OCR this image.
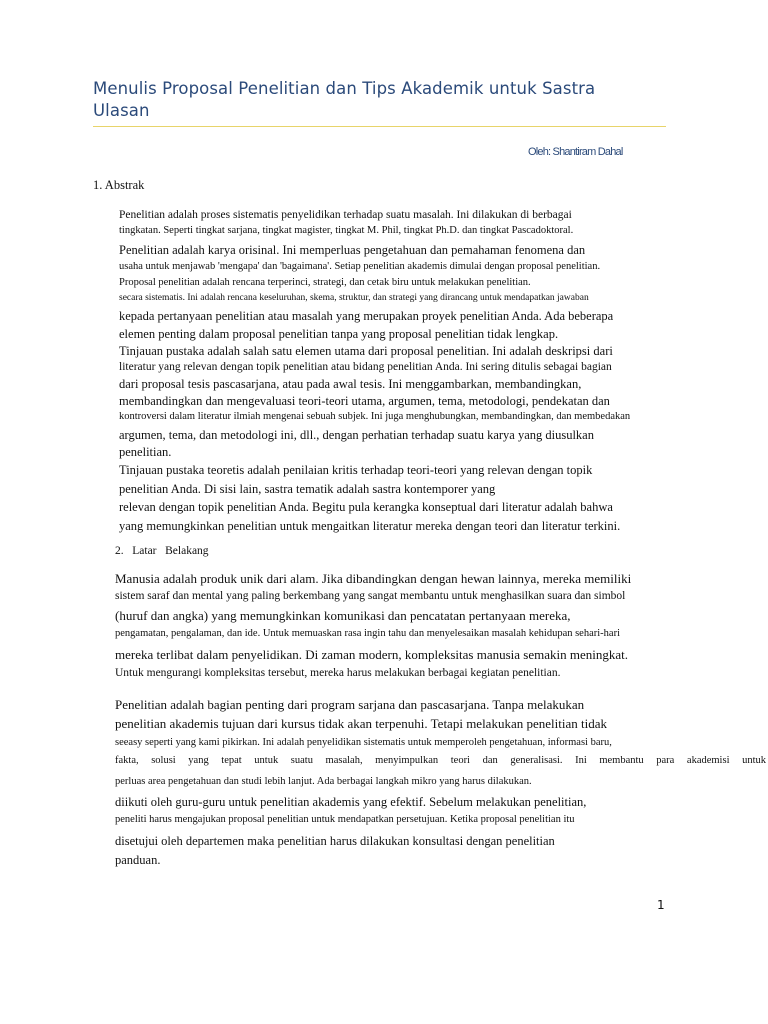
Menulis Proposal Penelitian dan Tips Akademik untuk Sastra Ulasan
Oleh: Shantiram Dahal
1. Abstrak
Penelitian adalah proses sistematis penyelidikan terhadap suatu masalah. Ini dilakukan di berbagai
tingkatan. Seperti tingkat sarjana, tingkat magister, tingkat M. Phil, tingkat Ph.D. dan tingkat Pascadoktoral.
Penelitian adalah karya orisinal. Ini memperluas pengetahuan dan pemahaman fenomena dan
usaha untuk menjawab 'mengapa' dan 'bagaimana'. Setiap penelitian akademis dimulai dengan proposal penelitian.
Proposal penelitian adalah rencana terperinci, strategi, dan cetak biru untuk melakukan penelitian.
secara sistematis. Ini adalah rencana keseluruhan, skema, struktur, dan strategi yang dirancang untuk mendapatkan jawaban
kepada pertanyaan penelitian atau masalah yang merupakan proyek penelitian Anda. Ada beberapa
elemen penting dalam proposal penelitian tanpa yang proposal penelitian tidak lengkap.
Tinjauan pustaka adalah salah satu elemen utama dari proposal penelitian. Ini adalah deskripsi dari
literatur yang relevan dengan topik penelitian atau bidang penelitian Anda. Ini sering ditulis sebagai bagian
dari proposal tesis pascasarjana, atau pada awal tesis. Ini menggambarkan, membandingkan,
membandingkan dan mengevaluasi teori-teori utama, argumen, tema, metodologi, pendekatan dan
kontroversi dalam literatur ilmiah mengenai sebuah subjek. Ini juga menghubungkan, membandingkan, dan membedakan
argumen, tema, dan metodologi ini, dll., dengan perhatian terhadap suatu karya yang diusulkan
penelitian.
Tinjauan pustaka teoretis adalah penilaian kritis terhadap teori-teori yang relevan dengan topik
penelitian Anda. Di sisi lain, sastra tematik adalah sastra kontemporer yang
relevan dengan topik penelitian Anda. Begitu pula kerangka konseptual dari literatur adalah bahwa
yang memungkinkan penelitian untuk mengaitkan literatur mereka dengan teori dan literatur terkini.
2.   Latar   Belakang
Manusia adalah produk unik dari alam. Jika dibandingkan dengan hewan lainnya, mereka memiliki
sistem saraf dan mental yang paling berkembang yang sangat membantu untuk menghasilkan suara dan simbol
(huruf dan angka) yang memungkinkan komunikasi dan pencatatan pertanyaan mereka,
pengamatan, pengalaman, dan ide. Untuk memuaskan rasa ingin tahu dan menyelesaikan masalah kehidupan sehari-hari
mereka terlibat dalam penyelidikan. Di zaman modern, kompleksitas manusia semakin meningkat.
Untuk mengurangi kompleksitas tersebut, mereka harus melakukan berbagai kegiatan penelitian.
Penelitian adalah bagian penting dari program sarjana dan pascasarjana. Tanpa melakukan
penelitian akademis tujuan dari kursus tidak akan terpenuhi. Tetapi melakukan penelitian tidak
seeasy seperti yang kami pikirkan. Ini adalah penyelidikan sistematis untuk memperoleh pengetahuan, informasi baru,
fakta, solusi yang tepat untuk suatu masalah, menyimpulkan teori dan generalisasi. Ini membantu para akademisi untuk
perluas area pengetahuan dan studi lebih lanjut. Ada berbagai langkah mikro yang harus dilakukan.
diikuti oleh guru-guru untuk penelitian akademis yang efektif. Sebelum melakukan penelitian,
peneliti harus mengajukan proposal penelitian untuk mendapatkan persetujuan. Ketika proposal penelitian itu
disetujui oleh departemen maka penelitian harus dilakukan konsultasi dengan penelitian
panduan.
1
